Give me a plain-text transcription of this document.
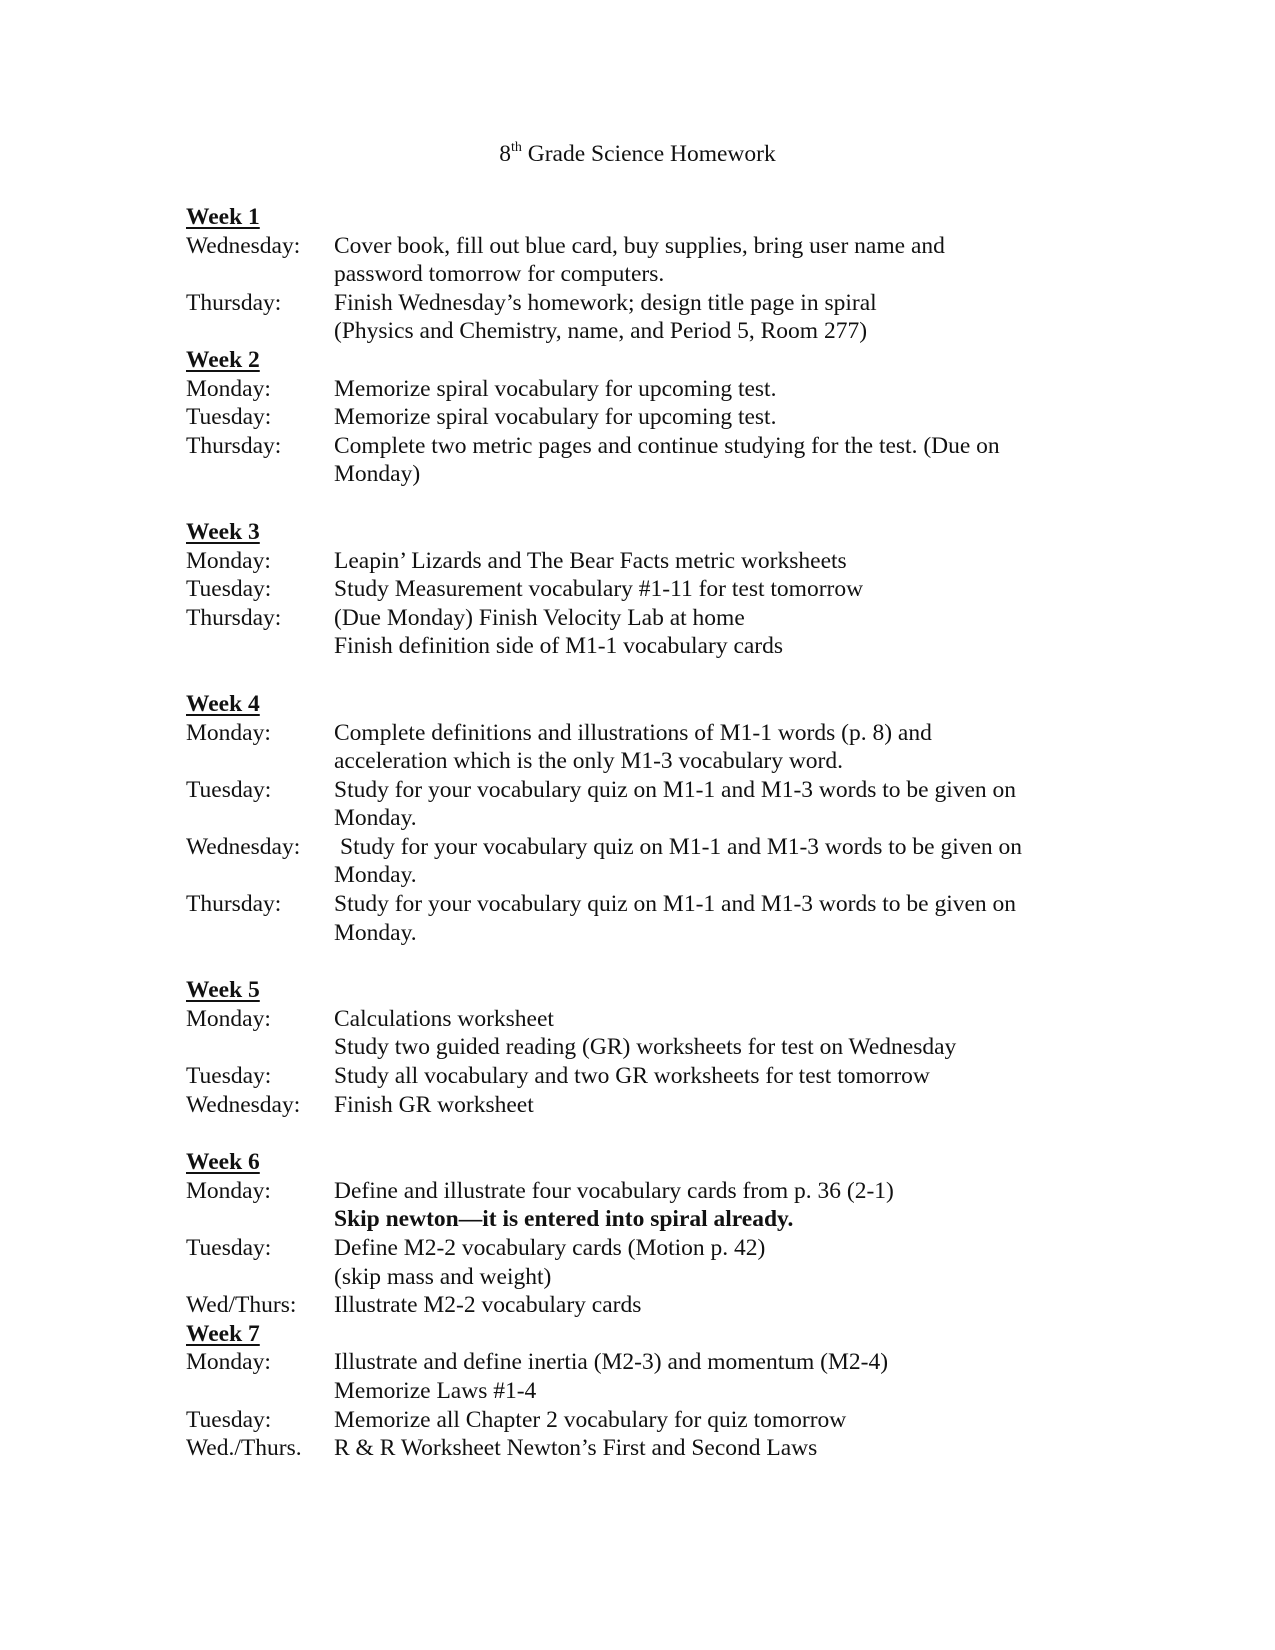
8th Grade Science Homework
Week 1
Wednesday:	Cover book, fill out blue card, buy supplies, bring user name and
password tomorrow for computers.
Thursday:	Finish Wednesday’s homework; design title page in spiral
(Physics and Chemistry, name, and Period 5, Room 277)
Week 2
Monday:	Memorize spiral vocabulary for upcoming test.
Tuesday:	Memorize spiral vocabulary for upcoming test.
Thursday:	Complete two metric pages and continue studying for the test. (Due on
Monday)
Week 3
Monday:	Leapin’ Lizards and The Bear Facts metric worksheets
Tuesday:	Study Measurement vocabulary #1-11 for test tomorrow
Thursday:	(Due Monday) Finish Velocity Lab at home
Finish definition side of M1-1 vocabulary cards
Week 4
Monday:	Complete definitions and illustrations of M1-1 words (p. 8) and
acceleration which is the only M1-3 vocabulary word.
Tuesday:	Study for your vocabulary quiz on M1-1 and M1-3 words to be given on
Monday.
Wednesday:	Study for your vocabulary quiz on M1-1 and M1-3 words to be given on
Monday.
Thursday:	Study for your vocabulary quiz on M1-1 and M1-3 words to be given on
Monday.
Week 5
Monday:	Calculations worksheet
Study two guided reading (GR) worksheets for test on Wednesday
Tuesday:	Study all vocabulary and two GR worksheets for test tomorrow
Wednesday:	Finish GR worksheet
Week 6
Monday:	Define and illustrate four vocabulary cards from p. 36 (2-1)
Skip newton—it is entered into spiral already.
Tuesday:	Define M2-2 vocabulary cards (Motion p. 42)
(skip mass and weight)
Wed/Thurs:	Illustrate M2-2 vocabulary cards
Week 7
Monday:	Illustrate and define inertia (M2-3) and momentum (M2-4)
Memorize Laws #1-4
Tuesday:	Memorize all Chapter 2 vocabulary for quiz tomorrow
Wed./Thurs.	R & R Worksheet Newton’s First and Second Laws
